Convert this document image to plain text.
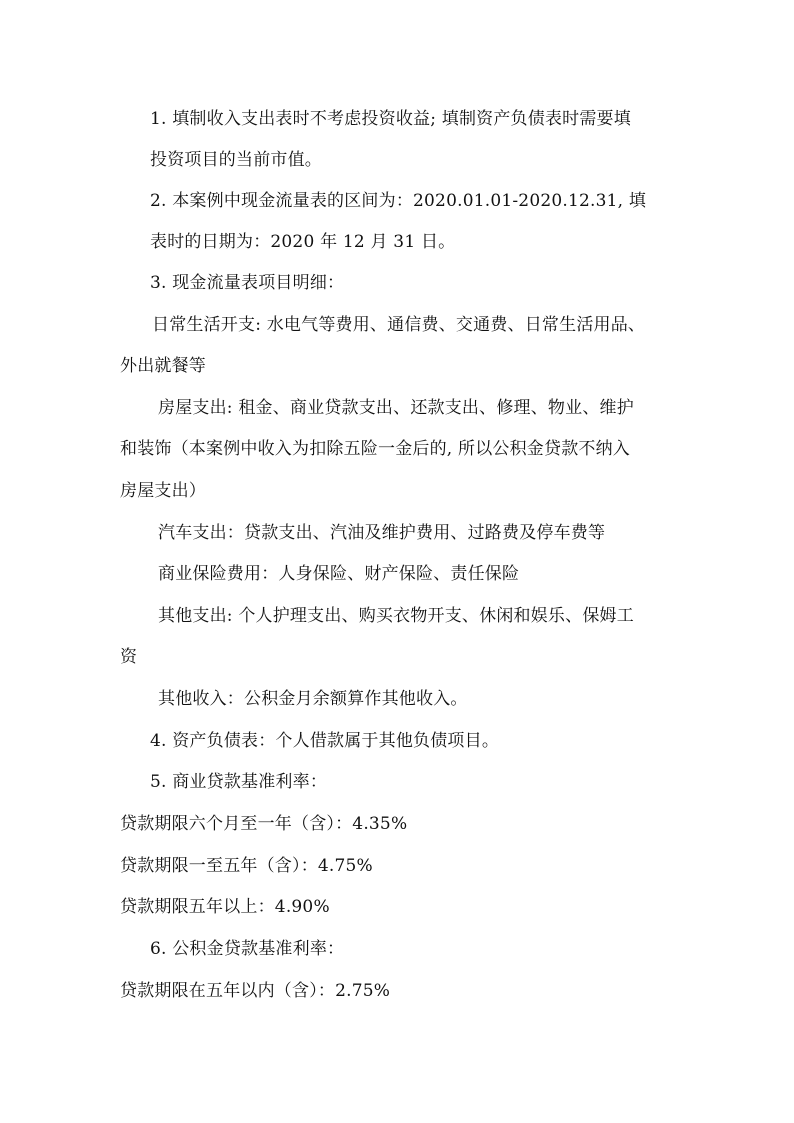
1. 填制收入支出表时不考虑投资收益; 填制资产负债表时需要填
投资项目的当前市值。
2. 本案例中现金流量表的区间为：2020.01.01-2020.12.31, 填
表时的日期为：2020 年 12 月 31 日。
3. 现金流量表项目明细：
日常生活开支: 水电气等费用、通信费、交通费、日常生活用品、
外出就餐等
房屋支出: 租金、商业贷款支出、还款支出、修理、物业、维护
和装饰（本案例中收入为扣除五险一金后的, 所以公积金贷款不纳入
房屋支出）
汽车支出：贷款支出、汽油及维护费用、过路费及停车费等
商业保险费用：人身保险、财产保险、责任保险
其他支出: 个人护理支出、购买衣物开支、休闲和娱乐、保姆工
资
其他收入：公积金月余额算作其他收入。
4. 资产负债表：个人借款属于其他负债项目。
5. 商业贷款基准利率：
贷款期限六个月至一年（含）：4.35%
贷款期限一至五年（含）：4.75%
贷款期限五年以上：4.90%
6. 公积金贷款基准利率：
贷款期限在五年以内（含）：2.75%
